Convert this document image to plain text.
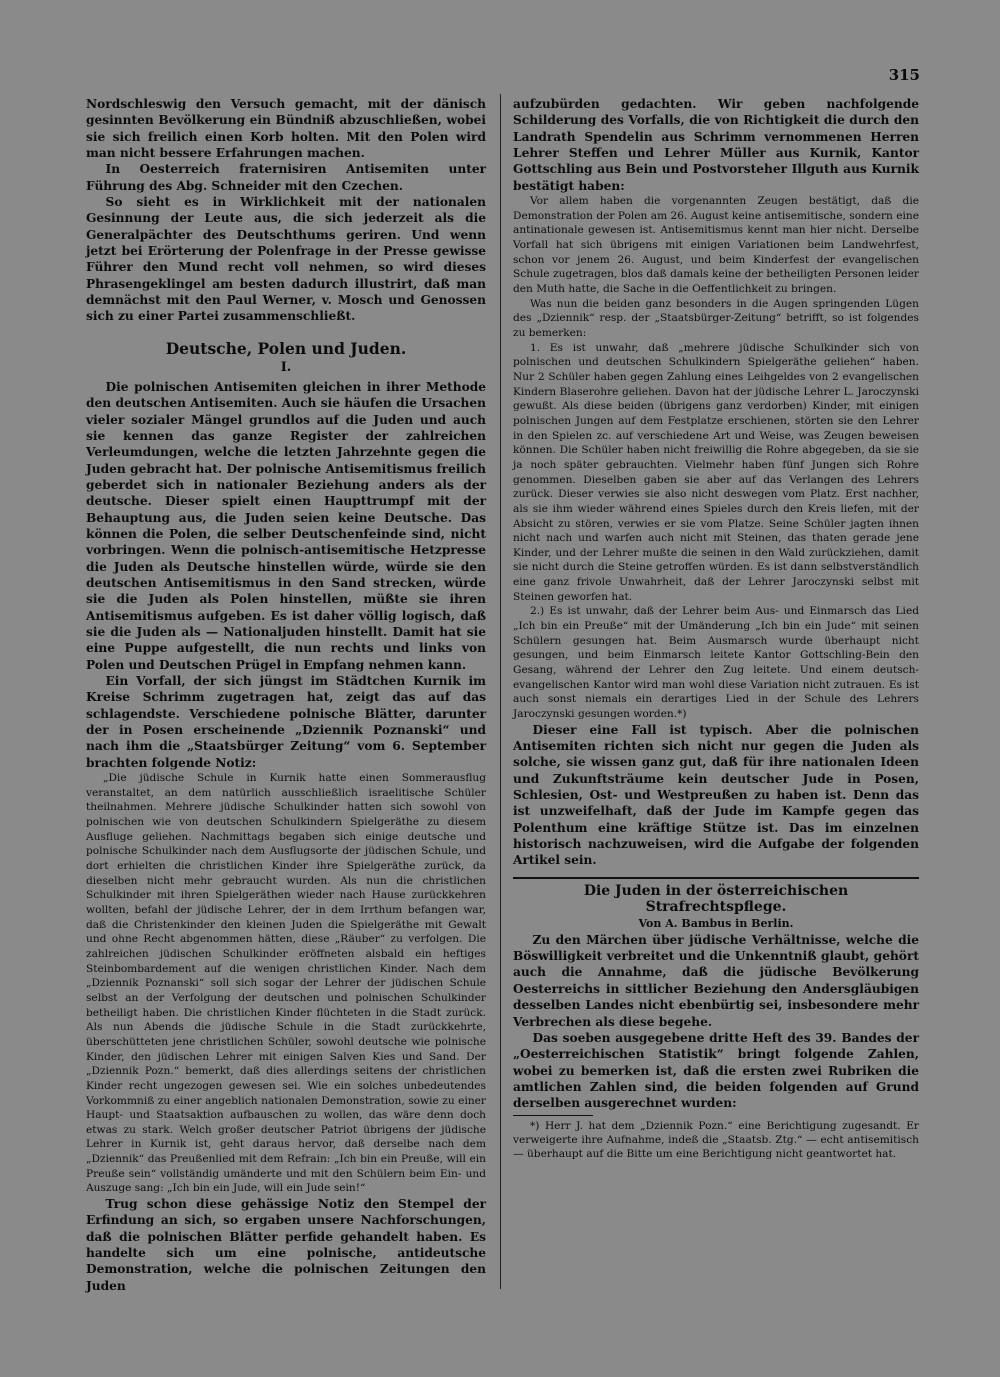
315

Nordschleswig den Versuch gemacht, mit der dänisch gesinnten Bevölkerung ein Bündniß abzuschließen, wobei sie sich freilich einen Korb holten. Mit den Polen wird man nicht bessere Erfahrungen machen.

In Oesterreich fraternisiren Antisemiten unter Führung des Abg. Schneider mit den Czechen.

So sieht es in Wirklichkeit mit der nationalen Gesinnung der Leute aus, die sich jederzeit als die Generalpächter des Deutschthums geriren. Und wenn jetzt bei Erörterung der Polenfrage in der Presse gewisse Führer den Mund recht voll nehmen, so wird dieses Phrasengeklingel am besten dadurch illustrirt, daß man demnächst mit den Paul Werner, v. Mosch und Genossen sich zu einer Partei zusammenschließt.

Deutsche, Polen und Juden.
I.

Die polnischen Antisemiten gleichen in ihrer Methode den deutschen Antisemiten. Auch sie häufen die Ursachen vieler sozialer Mängel grundlos auf die Juden und auch sie kennen das ganze Register der zahlreichen Verleumdungen, welche die letzten Jahrzehnte gegen die Juden gebracht hat. Der polnische Antisemitismus freilich geberdet sich in nationaler Beziehung anders als der deutsche. Dieser spielt einen Haupttrumpf mit der Behauptung aus, die Juden seien keine Deutsche. Das können die Polen, die selber Deutschenfeinde sind, nicht vorbringen. Wenn die polnisch-antisemitische Hetzpresse die Juden als Deutsche hinstellen würde, würde sie den deutschen Antisemitismus in den Sand strecken, würde sie die Juden als Polen hinstellen, müßte sie ihren Antisemitismus aufgeben. Es ist daher völlig logisch, daß sie die Juden als — Nationaljuden hinstellt. Damit hat sie eine Puppe aufgestellt, die nun rechts und links von Polen und Deutschen Prügel in Empfang nehmen kann.

Ein Vorfall, der sich jüngst im Städtchen Kurnik im Kreise Schrimm zugetragen hat, zeigt das auf das schlagendste. Verschiedene polnische Blätter, darunter der in Posen erscheinende „Dziennik Poznanski“ und nach ihm die „Staatsbürger Zeitung“ vom 6. September brachten folgende Notiz:

„Die jüdische Schule in Kurnik hatte einen Sommerausflug veranstaltet, an dem natürlich ausschließlich israelitische Schüler theilnahmen. Mehrere jüdische Schulkinder hatten sich sowohl von polnischen wie von deutschen Schulkindern Spielgeräthe zu diesem Ausfluge geliehen. Nachmittags begaben sich einige deutsche und polnische Schulkinder nach dem Ausflugsorte der jüdischen Schule, und dort erhielten die christlichen Kinder ihre Spielgeräthe zurück, da dieselben nicht mehr gebraucht wurden. Als nun die christlichen Schulkinder mit ihren Spielgeräthen wieder nach Hause zurückkehren wollten, befahl der jüdische Lehrer, der in dem Irrthum befangen war, daß die Christenkinder den kleinen Juden die Spielgeräthe mit Gewalt und ohne Recht abgenommen hätten, diese „Räuber“ zu verfolgen. Die zahlreichen jüdischen Schulkinder eröffneten alsbald ein heftiges Steinbombardement auf die wenigen christlichen Kinder. Nach dem „Dziennik Poznanski“ soll sich sogar der Lehrer der jüdischen Schule selbst an der Verfolgung der deutschen und polnischen Schulkinder betheiligt haben. Die christlichen Kinder flüchteten in die Stadt zurück. Als nun Abends die jüdische Schule in die Stadt zurückkehrte, überschütteten jene christlichen Schüler, sowohl deutsche wie polnische Kinder, den jüdischen Lehrer mit einigen Salven Kies und Sand. Der „Dziennik Pozn.“ bemerkt, daß dies allerdings seitens der christlichen Kinder recht ungezogen gewesen sei. Wie ein solches unbedeutendes Vorkommniß zu einer angeblich nationalen Demonstration, sowie zu einer Haupt- und Staatsaktion aufbauschen zu wollen, das wäre denn doch etwas zu stark. Welch großer deutscher Patriot übrigens der jüdische Lehrer in Kurnik ist, geht daraus hervor, daß derselbe nach dem „Dziennik“ das Preußenlied mit dem Refrain: „Ich bin ein Preuße, will ein Preuße sein“ vollständig umänderte und mit den Schülern beim Ein- und Auszuge sang: „Ich bin ein Jude, will ein Jude sein!“

Trug schon diese gehässige Notiz den Stempel der Erfindung an sich, so ergaben unsere Nachforschungen, daß die polnischen Blätter perfide gehandelt haben. Es handelte sich um eine polnische, antideutsche Demonstration, welche die polnischen Zeitungen den Juden

aufzubürden gedachten. Wir geben nachfolgende Schilderung des Vorfalls, die von Richtigkeit die durch den Landrath Spendelin aus Schrimm vernommenen Herren Lehrer Steffen und Lehrer Müller aus Kurnik, Kantor Gottschling aus Bein und Postvorsteher Illguth aus Kurnik bestätigt haben:

Vor allem haben die vorgenannten Zeugen bestätigt, daß die Demonstration der Polen am 26. August keine antisemitische, sondern eine antinationale gewesen ist. Antisemitismus kennt man hier nicht. Derselbe Vorfall hat sich übrigens mit einigen Variationen beim Landwehrfest, schon vor jenem 26. August, und beim Kinderfest der evangelischen Schule zugetragen, blos daß damals keine der betheiligten Personen leider den Muth hatte, die Sache in die Oeffentlichkeit zu bringen.

Was nun die beiden ganz besonders in die Augen springenden Lügen des „Dziennik“ resp. der „Staatsbürger-Zeitung“ betrifft, so ist folgendes zu bemerken:

1. Es ist unwahr, daß „mehrere jüdische Schulkinder sich von polnischen und deutschen Schulkindern Spielgeräthe geliehen“ haben. Nur 2 Schüler haben gegen Zahlung eines Leihgeldes von 2 evangelischen Kindern Blaserohre geliehen. Davon hat der jüdische Lehrer L. Jaroczynski gewußt. Als diese beiden (übrigens ganz verdorben) Kinder, mit einigen polnischen Jungen auf dem Festplatze erschienen, störten sie den Lehrer in den Spielen zc. auf verschiedene Art und Weise, was Zeugen beweisen können. Die Schüler haben nicht freiwillig die Rohre abgegeben, da sie sie ja noch später gebrauchten. Vielmehr haben fünf Jungen sich Rohre genommen. Dieselben gaben sie aber auf das Verlangen des Lehrers zurück. Dieser verwies sie also nicht deswegen vom Platz. Erst nachher, als sie ihm wieder während eines Spieles durch den Kreis liefen, mit der Absicht zu stören, verwies er sie vom Platze. Seine Schüler jagten ihnen nicht nach und warfen auch nicht mit Steinen, das thaten gerade jene Kinder, und der Lehrer mußte die seinen in den Wald zurückziehen, damit sie nicht durch die Steine getroffen würden. Es ist dann selbstverständlich eine ganz frivole Unwahrheit, daß der Lehrer Jaroczynski selbst mit Steinen geworfen hat.

2.) Es ist unwahr, daß der Lehrer beim Aus- und Einmarsch das Lied „Ich bin ein Preuße“ mit der Umänderung „Ich bin ein Jude“ mit seinen Schülern gesungen hat. Beim Ausmarsch wurde überhaupt nicht gesungen, und beim Einmarsch leitete Kantor Gottschling-Bein den Gesang, während der Lehrer den Zug leitete. Und einem deutsch-evangelischen Kantor wird man wohl diese Variation nicht zutrauen. Es ist auch sonst niemals ein derartiges Lied in der Schule des Lehrers Jaroczynski gesungen worden.*)

Dieser eine Fall ist typisch. Aber die polnischen Antisemiten richten sich nicht nur gegen die Juden als solche, sie wissen ganz gut, daß für ihre nationalen Ideen und Zukunftsträume kein deutscher Jude in Posen, Schlesien, Ost- und Westpreußen zu haben ist. Denn das ist unzweifelhaft, daß der Jude im Kampfe gegen das Polenthum eine kräftige Stütze ist. Das im einzelnen historisch nachzuweisen, wird die Aufgabe der folgenden Artikel sein.

Die Juden in der österreichischen Strafrechtspflege.
Von A. Bambus in Berlin.

Zu den Märchen über jüdische Verhältnisse, welche die Böswilligkeit verbreitet und die Unkenntniß glaubt, gehört auch die Annahme, daß die jüdische Bevölkerung Oesterreichs in sittlicher Beziehung den Andersgläubigen desselben Landes nicht ebenbürtig sei, insbesondere mehr Verbrechen als diese begehe.

Das soeben ausgegebene dritte Heft des 39. Bandes der „Oesterreichischen Statistik“ bringt folgende Zahlen, wobei zu bemerken ist, daß die ersten zwei Rubriken die amtlichen Zahlen sind, die beiden folgenden auf Grund derselben ausgerechnet wurden:

*) Herr J. hat dem „Dziennik Pozn.“ eine Berichtigung zugesandt. Er verweigerte ihre Aufnahme, indeß die „Staatsb. Ztg.“ — echt antisemitisch — überhaupt auf die Bitte um eine Berichtigung nicht geantwortet hat.
